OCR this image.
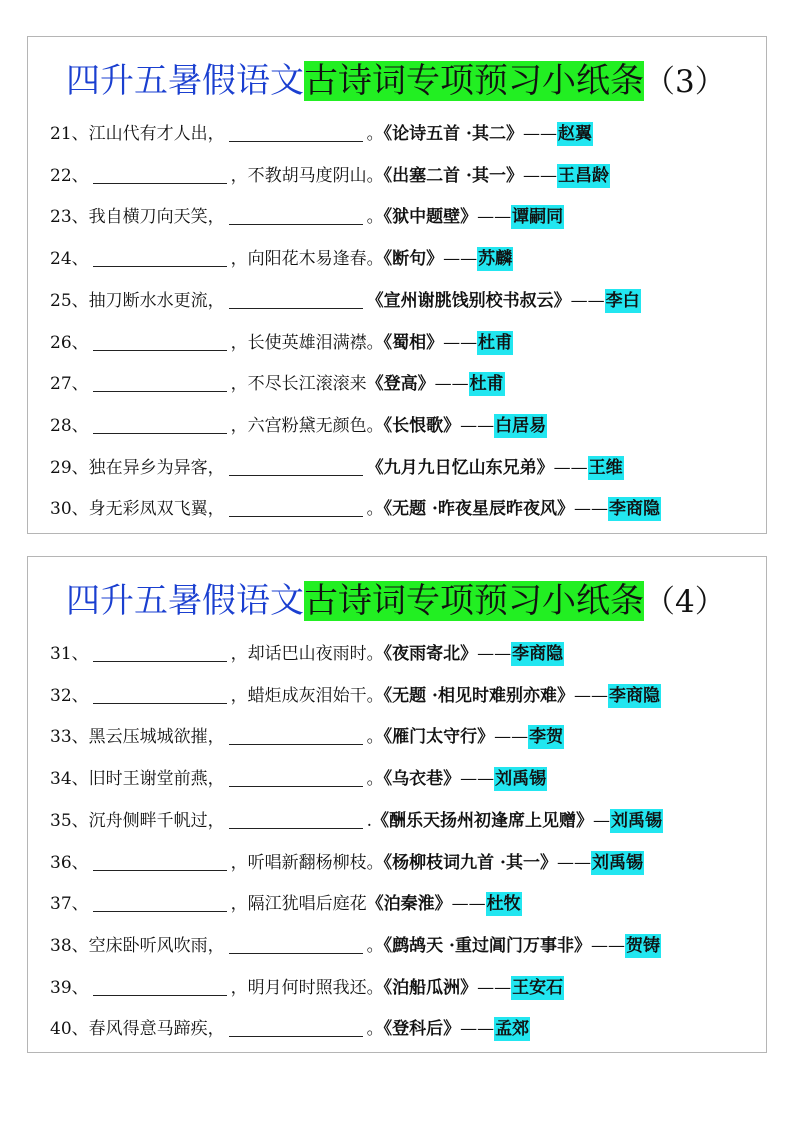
四升五暑假语文古诗词专项预习小纸条（3）
21、江山代有才人出，	。《论诗五首 ·其二》——赵翼
22、	，不教胡马度阴山。《出塞二首 ·其一》——王昌龄
23、我自横刀向天笑，	。《狱中题壁》——谭嗣同
24、	，向阳花木易逢春。《断句》——苏麟
25、抽刀断水水更流，	《宣州谢朓饯别校书叔云》——李白
26、	，长使英雄泪满襟。《蜀相》——杜甫
27、	，不尽长江滚滚来《登高》——杜甫
28、	，六宫粉黛无颜色。《长恨歌》——白居易
29、独在异乡为异客，	《九月九日忆山东兄弟》——王维
30、身无彩凤双飞翼，	。《无题 ·昨夜星辰昨夜风》——李商隐
四升五暑假语文古诗词专项预习小纸条（4）
31、	，却话巴山夜雨时。《夜雨寄北》——李商隐
32、	，蜡炬成灰泪始干。《无题 ·相见时难别亦难》——李商隐
33、黑云压城城欲摧，	。《雁门太守行》——李贺
34、旧时王谢堂前燕，	。《乌衣巷》——刘禹锡
35、沉舟侧畔千帆过，	.《酬乐天扬州初逢席上见赠》—刘禹锡
36、	，听唱新翻杨柳枝。《杨柳枝词九首 ·其一》——刘禹锡
37、	，隔江犹唱后庭花《泊秦淮》——杜牧
38、空床卧听风吹雨，	。《鹧鸪天 ·重过阊门万事非》——贺铸
39、	，明月何时照我还。《泊船瓜洲》——王安石
40、春风得意马蹄疾，	。《登科后》——孟郊
